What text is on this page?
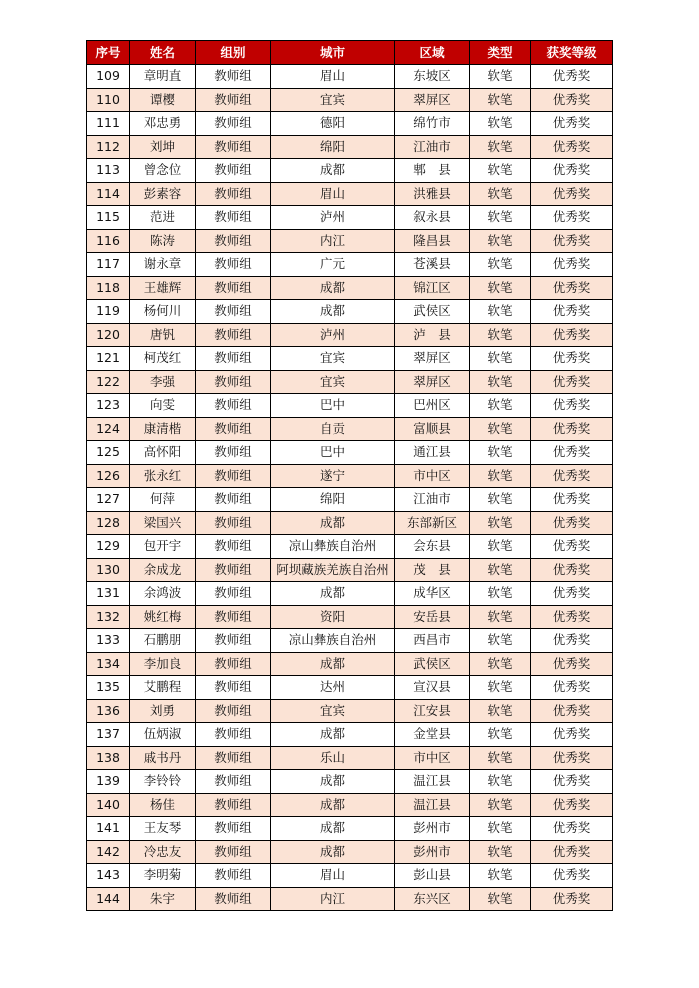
序号	姓名	组别	城市	区域	类型	获奖等级
109	章明直	教师组	眉山	东坡区	软笔	优秀奖
110	谭樱	教师组	宜宾	翠屏区	软笔	优秀奖
111	邓忠勇	教师组	德阳	绵竹市	软笔	优秀奖
112	刘坤	教师组	绵阳	江油市	软笔	优秀奖
113	曾念位	教师组	成都	郫　县	软笔	优秀奖
114	彭素容	教师组	眉山	洪雅县	软笔	优秀奖
115	范进	教师组	泸州	叙永县	软笔	优秀奖
116	陈涛	教师组	内江	隆昌县	软笔	优秀奖
117	谢永章	教师组	广元	苍溪县	软笔	优秀奖
118	王雄辉	教师组	成都	锦江区	软笔	优秀奖
119	杨何川	教师组	成都	武侯区	软笔	优秀奖
120	唐钒	教师组	泸州	泸　县	软笔	优秀奖
121	柯茂红	教师组	宜宾	翠屏区	软笔	优秀奖
122	李强	教师组	宜宾	翠屏区	软笔	优秀奖
123	向雯	教师组	巴中	巴州区	软笔	优秀奖
124	康清楷	教师组	自贡	富顺县	软笔	优秀奖
125	高怀阳	教师组	巴中	通江县	软笔	优秀奖
126	张永红	教师组	遂宁	市中区	软笔	优秀奖
127	何萍	教师组	绵阳	江油市	软笔	优秀奖
128	梁国兴	教师组	成都	东部新区	软笔	优秀奖
129	包开宇	教师组	凉山彝族自治州	会东县	软笔	优秀奖
130	余成龙	教师组	阿坝藏族羌族自治州	茂　县	软笔	优秀奖
131	余鸿波	教师组	成都	成华区	软笔	优秀奖
132	姚红梅	教师组	资阳	安岳县	软笔	优秀奖
133	石鹏朋	教师组	凉山彝族自治州	西昌市	软笔	优秀奖
134	李加良	教师组	成都	武侯区	软笔	优秀奖
135	艾鹏程	教师组	达州	宣汉县	软笔	优秀奖
136	刘勇	教师组	宜宾	江安县	软笔	优秀奖
137	伍炳淑	教师组	成都	金堂县	软笔	优秀奖
138	戚书丹	教师组	乐山	市中区	软笔	优秀奖
139	李铃铃	教师组	成都	温江县	软笔	优秀奖
140	杨佳	教师组	成都	温江县	软笔	优秀奖
141	王友琴	教师组	成都	彭州市	软笔	优秀奖
142	冷忠友	教师组	成都	彭州市	软笔	优秀奖
143	李明菊	教师组	眉山	彭山县	软笔	优秀奖
144	朱宇	教师组	内江	东兴区	软笔	优秀奖
